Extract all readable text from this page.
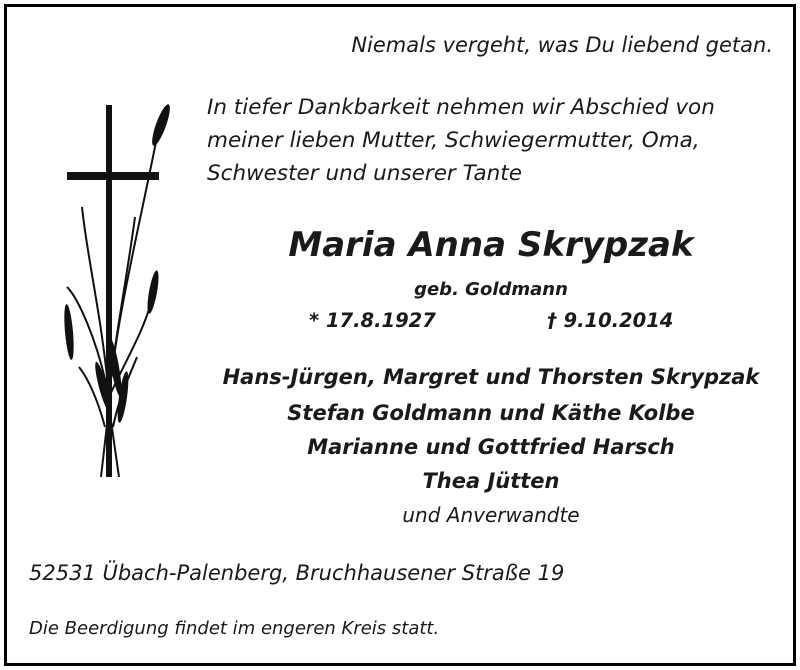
Niemals vergeht, was Du liebend getan.
In tiefer Dankbarkeit nehmen wir Abschied von
meiner lieben Mutter, Schwiegermutter, Oma,
Schwester und unserer Tante
Maria Anna Skrypzak
geb. Goldmann
* 17.8.1927	† 9.10.2014
Hans-Jürgen, Margret und Thorsten Skrypzak
Stefan Goldmann und Käthe Kolbe
Marianne und Gottfried Harsch
Thea Jütten
und Anverwandte
52531 Übach-Palenberg, Bruchhausener Straße 19
Die Beerdigung findet im engeren Kreis statt.
